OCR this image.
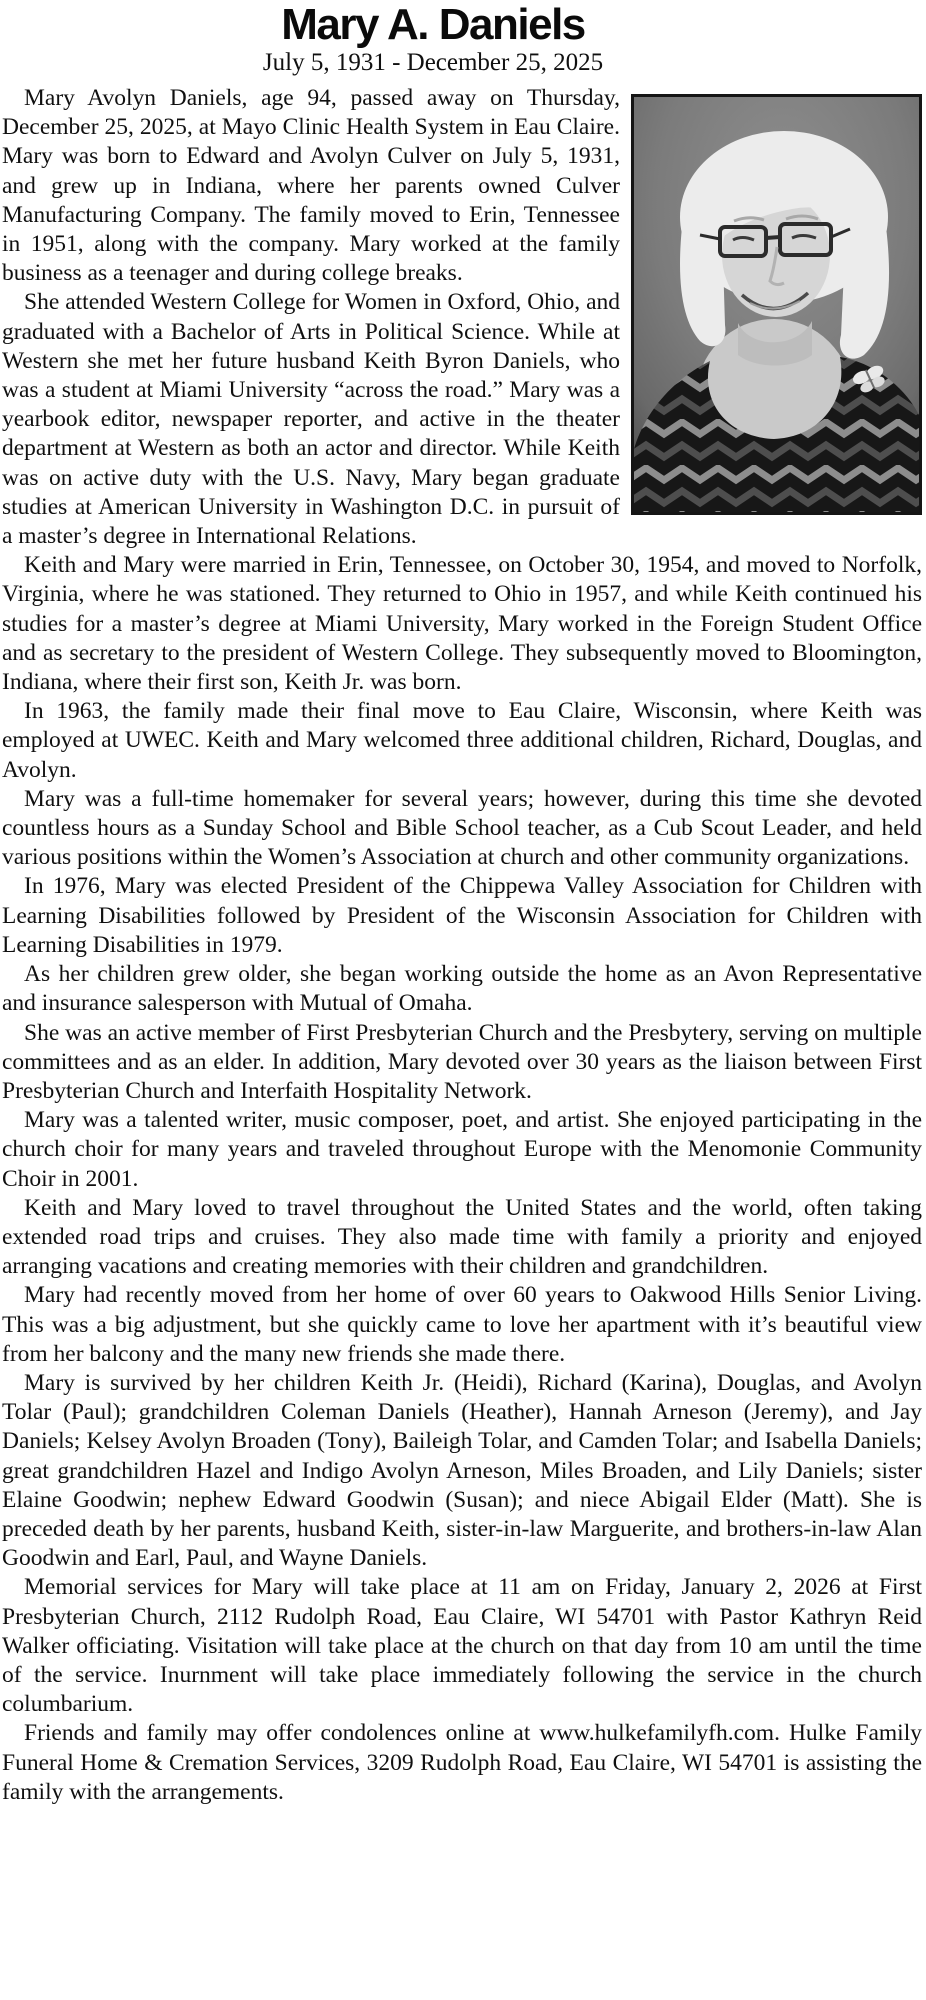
Mary A. Daniels
July 5, 1931 - December 25, 2025

Mary Avolyn Daniels, age 94, passed away on Thursday, December 25, 2025, at Mayo Clinic Health System in Eau Claire. Mary was born to Edward and Avolyn Culver on July 5, 1931, and grew up in Indiana, where her parents owned Culver Manufacturing Company. The family moved to Erin, Tennessee in 1951, along with the company. Mary worked at the family business as a teenager and during college breaks.

She attended Western College for Women in Oxford, Ohio, and graduated with a Bachelor of Arts in Political Science. While at Western she met her future husband Keith Byron Daniels, who was a student at Miami University “across the road.” Mary was a yearbook editor, newspaper reporter, and active in the theater department at Western as both an actor and director. While Keith was on active duty with the U.S. Navy, Mary began graduate studies at American University in Washington D.C. in pursuit of a master’s degree in International Relations.

Keith and Mary were married in Erin, Tennessee, on October 30, 1954, and moved to Norfolk, Virginia, where he was stationed. They returned to Ohio in 1957, and while Keith continued his studies for a master’s degree at Miami University, Mary worked in the Foreign Student Office and as secretary to the president of Western College. They subsequently moved to Bloomington, Indiana, where their first son, Keith Jr. was born.

In 1963, the family made their final move to Eau Claire, Wisconsin, where Keith was employed at UWEC. Keith and Mary welcomed three additional children, Richard, Douglas, and Avolyn.

Mary was a full-time homemaker for several years; however, during this time she devoted countless hours as a Sunday School and Bible School teacher, as a Cub Scout Leader, and held various positions within the Women’s Association at church and other community organizations.

In 1976, Mary was elected President of the Chippewa Valley Association for Children with Learning Disabilities followed by President of the Wisconsin Association for Children with Learning Disabilities in 1979.

As her children grew older, she began working outside the home as an Avon Representative and insurance salesperson with Mutual of Omaha.

She was an active member of First Presbyterian Church and the Presbytery, serving on multiple committees and as an elder. In addition, Mary devoted over 30 years as the liaison between First Presbyterian Church and Interfaith Hospitality Network.

Mary was a talented writer, music composer, poet, and artist. She enjoyed participating in the church choir for many years and traveled throughout Europe with the Menomonie Community Choir in 2001.

Keith and Mary loved to travel throughout the United States and the world, often taking extended road trips and cruises. They also made time with family a priority and enjoyed arranging vacations and creating memories with their children and grandchildren.

Mary had recently moved from her home of over 60 years to Oakwood Hills Senior Living. This was a big adjustment, but she quickly came to love her apartment with it’s beautiful view from her balcony and the many new friends she made there.

Mary is survived by her children Keith Jr. (Heidi), Richard (Karina), Douglas, and Avolyn Tolar (Paul); grandchildren Coleman Daniels (Heather), Hannah Arneson (Jeremy), and Jay Daniels; Kelsey Avolyn Broaden (Tony), Baileigh Tolar, and Camden Tolar; and Isabella Daniels; great grandchildren Hazel and Indigo Avolyn Arneson, Miles Broaden, and Lily Daniels; sister Elaine Goodwin; nephew Edward Goodwin (Susan); and niece Abigail Elder (Matt). She is preceded death by her parents, husband Keith, sister-in-law Marguerite, and brothers-in-law Alan Goodwin and Earl, Paul, and Wayne Daniels.

Memorial services for Mary will take place at 11 am on Friday, January 2, 2026 at First Presbyterian Church, 2112 Rudolph Road, Eau Claire, WI 54701 with Pastor Kathryn Reid Walker officiating. Visitation will take place at the church on that day from 10 am until the time of the service. Inurnment will take place immediately following the service in the church columbarium.

Friends and family may offer condolences online at www.hulkefamilyfh.com. Hulke Family Funeral Home & Cremation Services, 3209 Rudolph Road, Eau Claire, WI 54701 is assisting the family with the arrangements.
